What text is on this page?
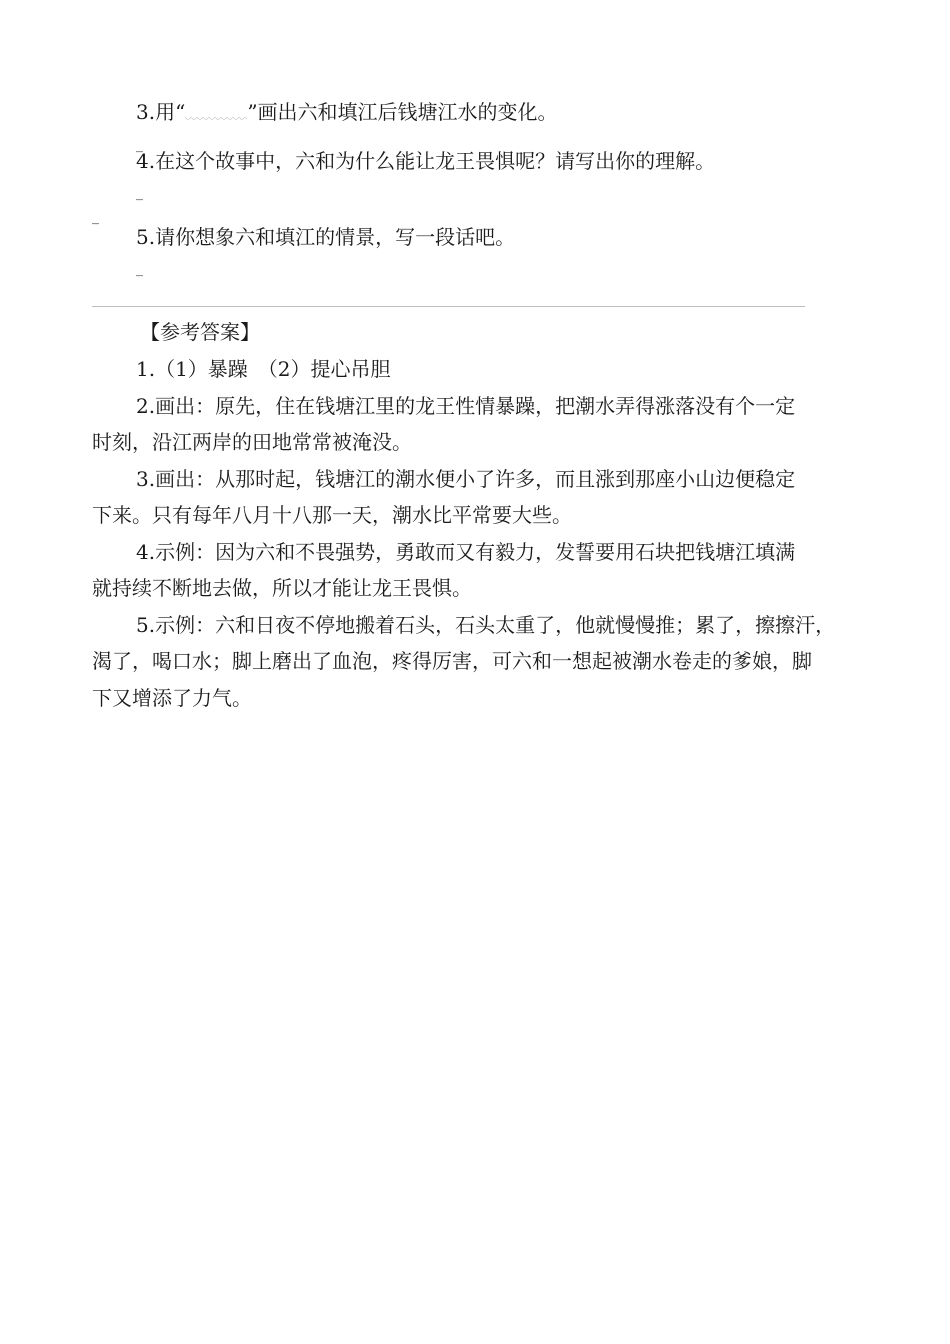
3.用“	”画出六和填江后钱塘江水的变化。
_
4.在这个故事中，六和为什么能让龙王畏惧呢？请写出你的理解。
_
_
5.请你想象六和填江的情景，写一段话吧。
_
【参考答案】
1.（1）暴躁　（2）提心吊胆
2.画出：原先，住在钱塘江里的龙王性情暴躁，把潮水弄得涨落没有个一定
时刻，沿江两岸的田地常常被淹没。
3.画出：从那时起，钱塘江的潮水便小了许多，而且涨到那座小山边便稳定
下来。只有每年八月十八那一天，潮水比平常要大些。
4.示例：因为六和不畏强势，勇敢而又有毅力，发誓要用石块把钱塘江填满
就持续不断地去做，所以才能让龙王畏惧。
5.示例：六和日夜不停地搬着石头，石头太重了，他就慢慢推；累了，擦擦汗，
渴了，喝口水；脚上磨出了血泡，疼得厉害，可六和一想起被潮水卷走的爹娘，脚
下又增添了力气。
